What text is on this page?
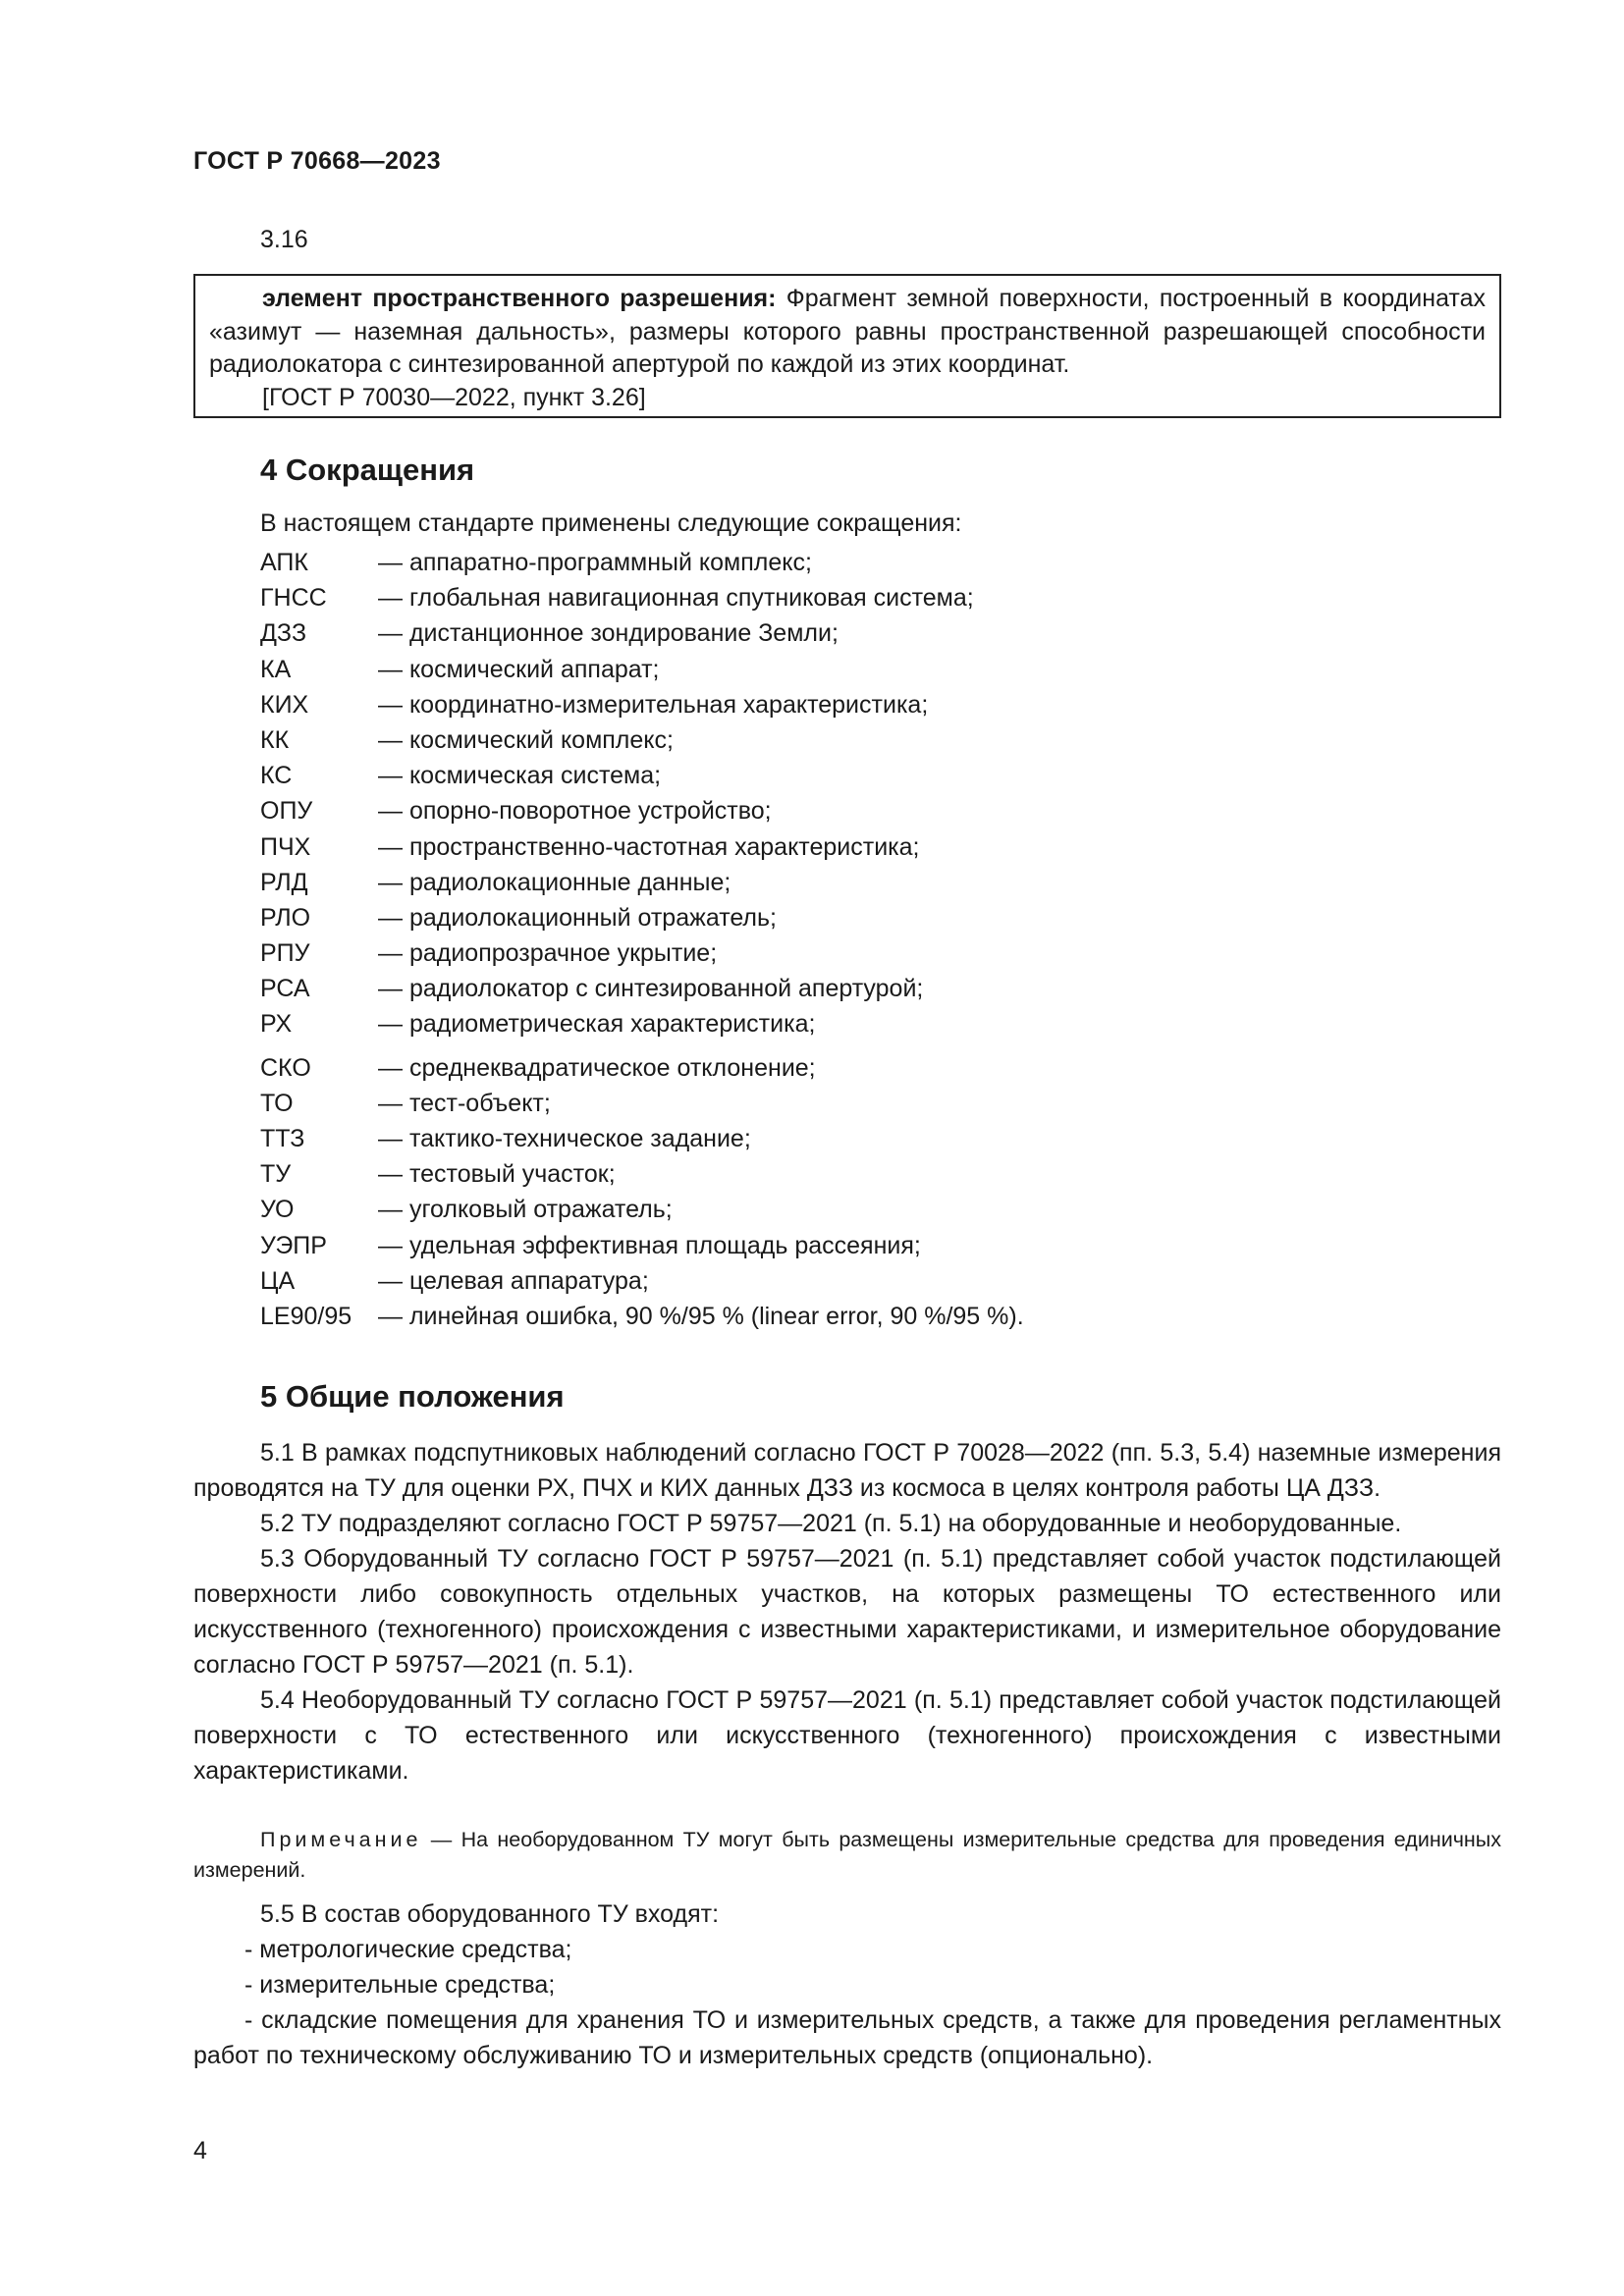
ГОСТ Р 70668—2023
3.16

элемент пространственного разрешения: Фрагмент земной поверхности, построенный в координатах «азимут — наземная дальность», размеры которого равны пространственной разрешающей способности радиолокатора с синтезированной апертурой по каждой из этих координат.

[ГОСТ Р 70030—2022, пункт 3.26]

4 Сокращения
В настоящем стандарте применены следующие сокращения:
АПК	— аппаратно-программный комплекс;
ГНСС — глобальная навигационная спутниковая система;
ДЗЗ	— дистанционное зондирование Земли;
КА	— космический аппарат;
КИХ	— координатно-измерительная характеристика;
КК	— космический комплекс;
КС	— космическая система;
ОПУ	— опорно-поворотное устройство;
ПЧХ	— пространственно-частотная характеристика;
РЛД	— радиолокационные данные;
РЛО	— радиолокационный отражатель;
РПУ	— радиопрозрачное укрытие;
РСА	— радиолокатор с синтезированной апертурой;
РХ	— радиометрическая характеристика;
СКО	— среднеквадратическое отклонение;
ТО	— тест-объект;
ТТЗ	— тактико-техническое задание;
ТУ	— тестовый участок;
УО	— уголковый отражатель;
УЭПР — удельная эффективная площадь рассеяния;
ЦА	— целевая аппаратура;
LE90/95 — линейная ошибка, 90 %/95 % (linear error, 90 %/95 %).
5 Общие положения

5.1 В рамках подспутниковых наблюдений согласно ГОСТ Р 70028—2022 (пп. 5.3, 5.4) наземные измерения проводятся на ТУ для оценки РХ, ПЧХ и КИХ данных ДЗЗ из космоса в целях контроля работы ЦА ДЗЗ.

5.2 ТУ подразделяют согласно ГОСТ Р 59757—2021 (п. 5.1) на оборудованные и необорудованные.

5.3 Оборудованный ТУ согласно ГОСТ Р 59757—2021 (п. 5.1) представляет собой участок подстилающей поверхности либо совокупность отдельных участков, на которых размещены ТО естественного или искусственного (техногенного) происхождения с известными характеристиками, и измерительное оборудование согласно ГОСТ Р 59757—2021 (п. 5.1).

5.4 Необорудованный ТУ согласно ГОСТ Р 59757—2021 (п. 5.1) представляет собой участок подстилающей поверхности с ТО естественного или искусственного (техногенного) происхождения с известными характеристиками.

Примечание — На необорудованном ТУ могут быть размещены измерительные средства для проведения единичных измерений.

5.5 В состав оборудованного ТУ входят:

- метрологические средства;

- измерительные средства;

- складские помещения для хранения ТО и измерительных средств, а также для проведения регламентных работ по техническому обслуживанию ТО и измерительных средств (опционально).

4
